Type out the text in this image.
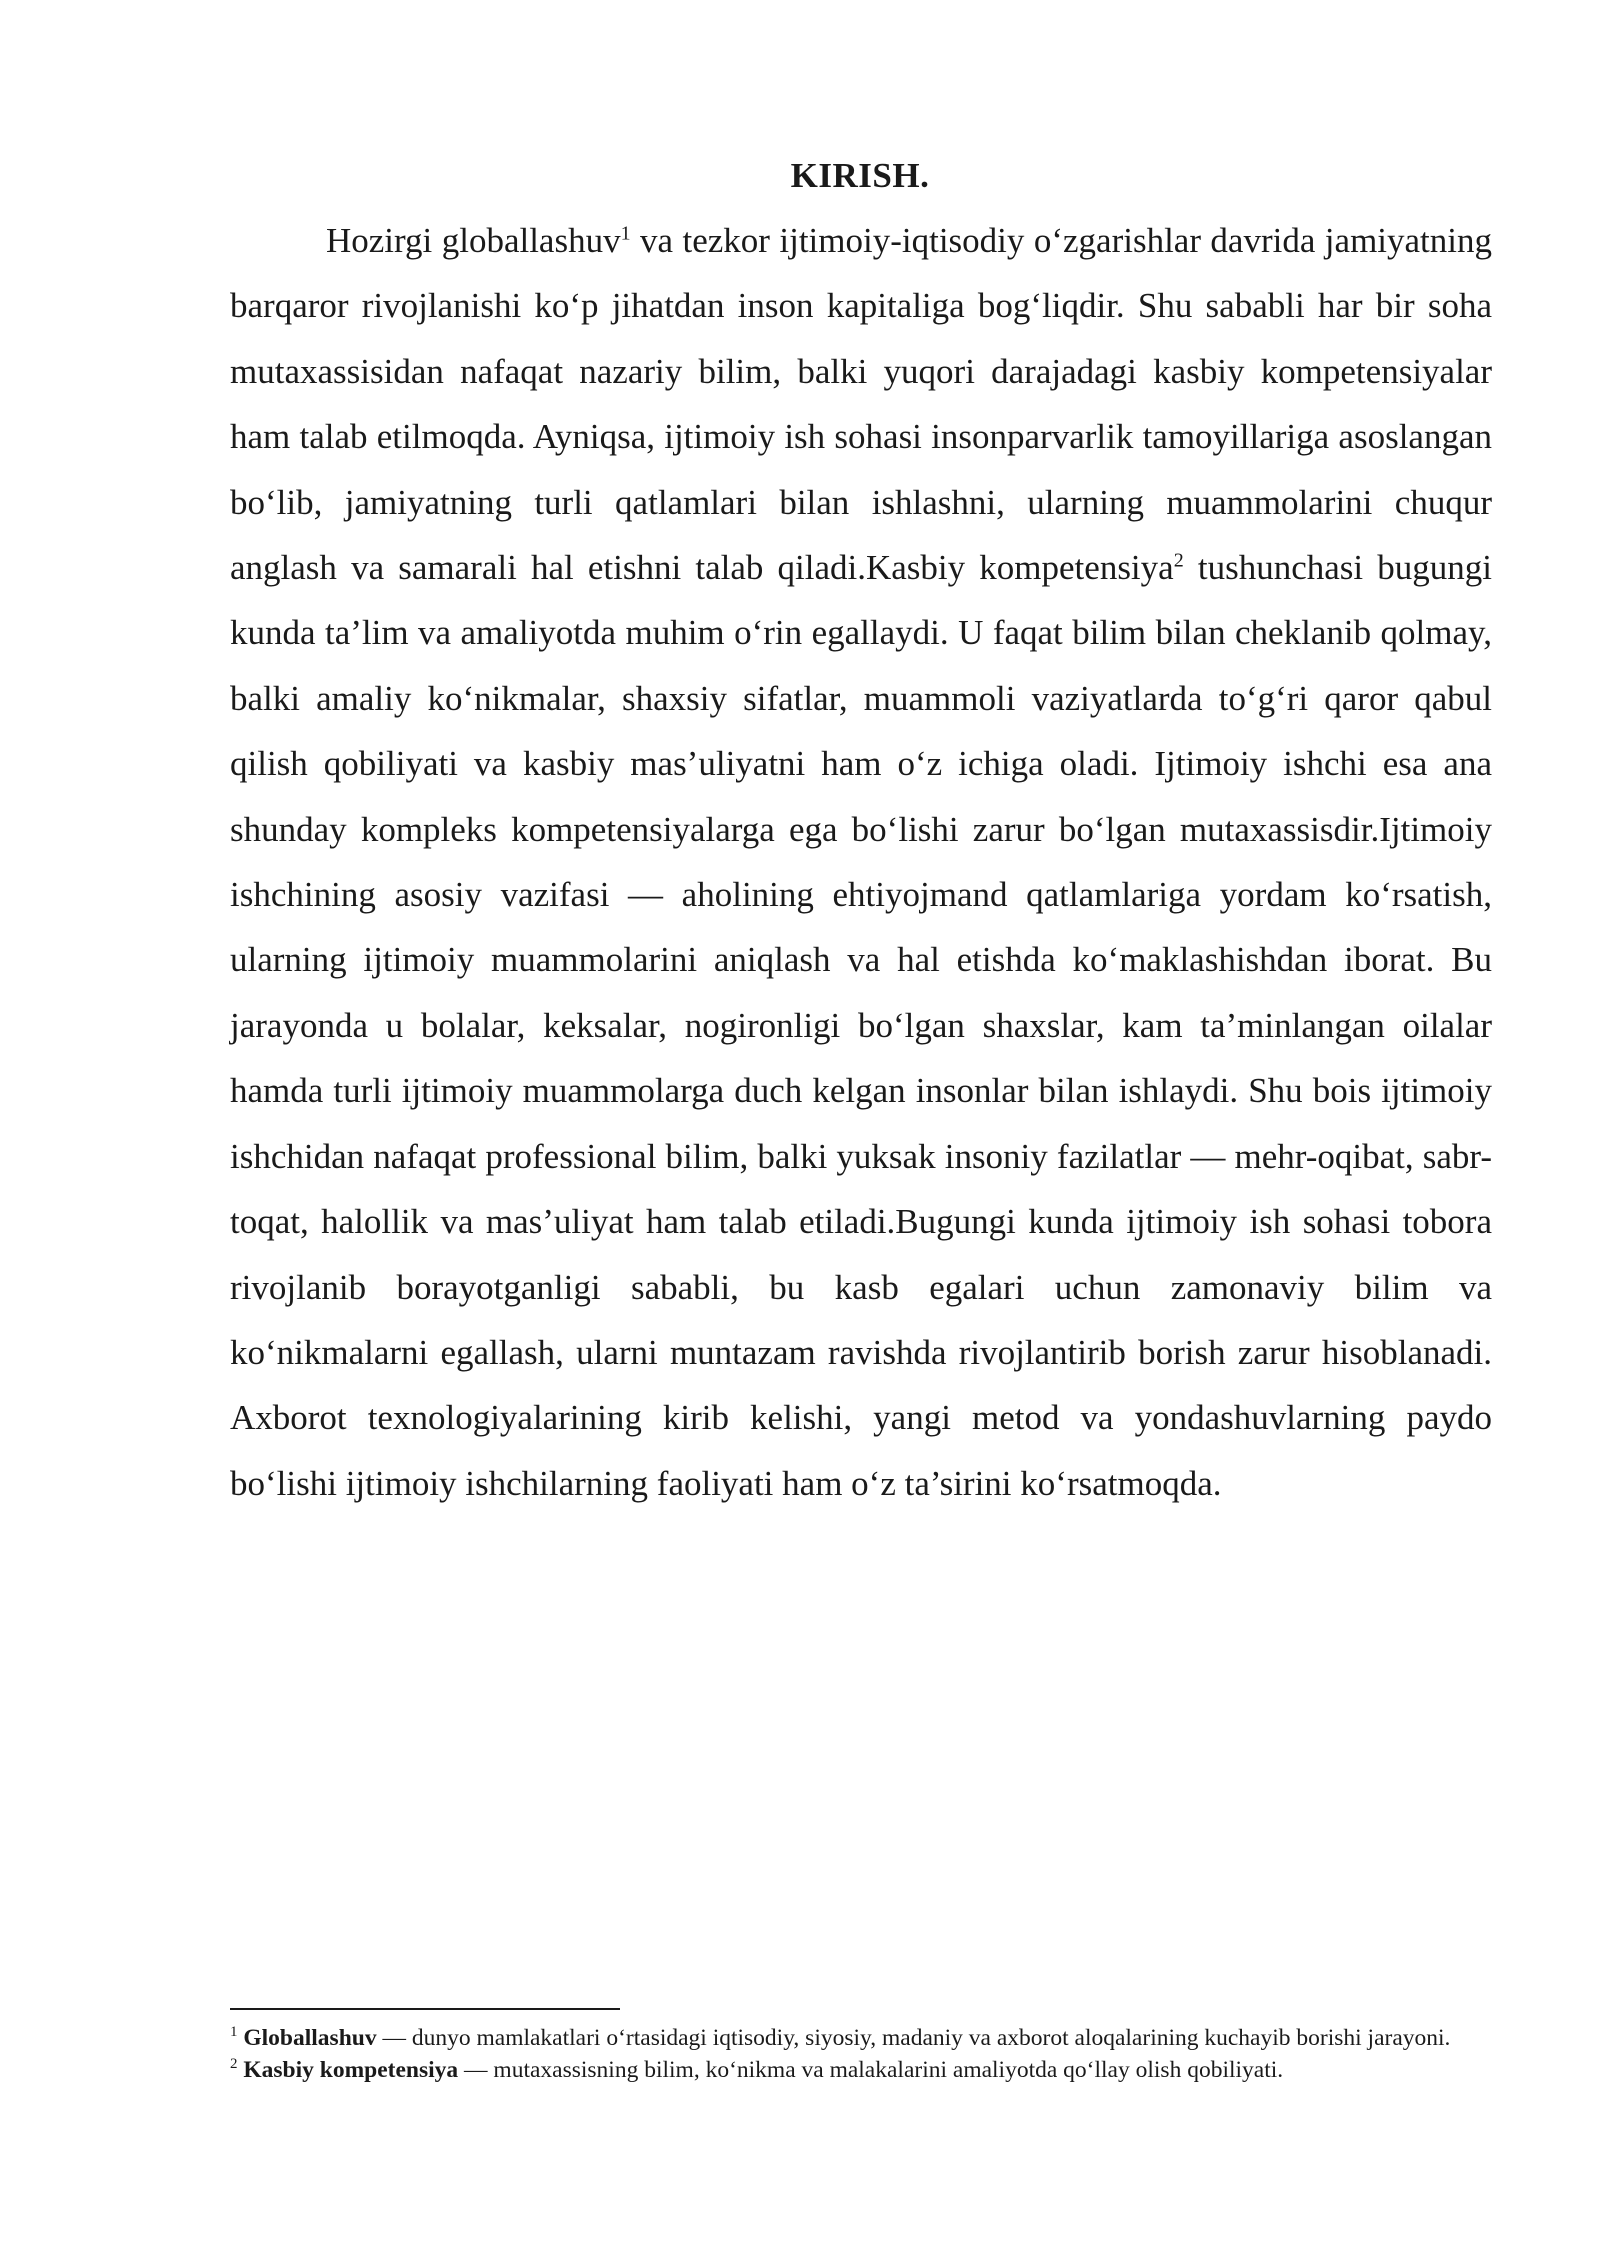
KIRISH.

Hozirgi globallashuv$^1$ va tezkor ijtimoiy-iqtisodiy o‘zgarishlar davrida jamiyatning barqaror rivojlanishi ko‘p jihatdan inson kapitaliga bog‘liqdir. Shu sababli har bir soha mutaxassisidan nafaqat nazariy bilim, balki yuqori darajadagi kasbiy kompetensiyalar ham talab etilmoqda. Ayniqsa, ijtimoiy ish sohasi insonparvarlik tamoyillariga asoslangan bo‘lib, jamiyatning turli qatlamlari bilan ishlashni, ularning muammolarini chuqur anglash va samarali hal etishni talab qiladi.Kasbiy kompetensiya$^2$ tushunchasi bugungi kunda ta’lim va amaliyotda muhim o‘rin egallaydi. U faqat bilim bilan cheklanib qolmay, balki amaliy ko‘nikmalar, shaxsiy sifatlar, muammoli vaziyatlarda to‘g‘ri qaror qabul qilish qobiliyati va kasbiy mas’uliyatni ham o‘z ichiga oladi. Ijtimoiy ishchi esa ana shunday kompleks kompetensiyalarga ega bo‘lishi zarur bo‘lgan mutaxassisdir.Ijtimoiy ishchining asosiy vazifasi — aholining ehtiyojmand qatlamlariga yordam ko‘rsatish, ularning ijtimoiy muammolarini aniqlash va hal etishda ko‘maklashishdan iborat. Bu jarayonda u bolalar, keksalar, nogironligi bo‘lgan shaxslar, kam ta’minlangan oilalar hamda turli ijtimoiy muammolarga duch kelgan insonlar bilan ishlaydi. Shu bois ijtimoiy ishchidan nafaqat professional bilim, balki yuksak insoniy fazilatlar — mehr-oqibat, sabr-toqat, halollik va mas’uliyat ham talab etiladi.Bugungi kunda ijtimoiy ish sohasi tobora rivojlanib borayotganligi sababli, bu kasb egalari uchun zamonaviy bilim va ko‘nikmalarni egallash, ularni muntazam ravishda rivojlantirib borish zarur hisoblanadi. Axborot texnologiyalarining kirib kelishi, yangi metod va yondashuvlarning paydo bo‘lishi ijtimoiy ishchilarning faoliyati ham o‘z ta’sirini ko‘rsatmoqda.

$^1$ Globallashuv — dunyo mamlakatlari o‘rtasidagi iqtisodiy, siyosiy, madaniy va axborot aloqalarining kuchayib borishi jarayoni.

$^2$ Kasbiy kompetensiya — mutaxassisning bilim, ko‘nikma va malakalarini amaliyotda qo‘llay olish qobiliyati.
